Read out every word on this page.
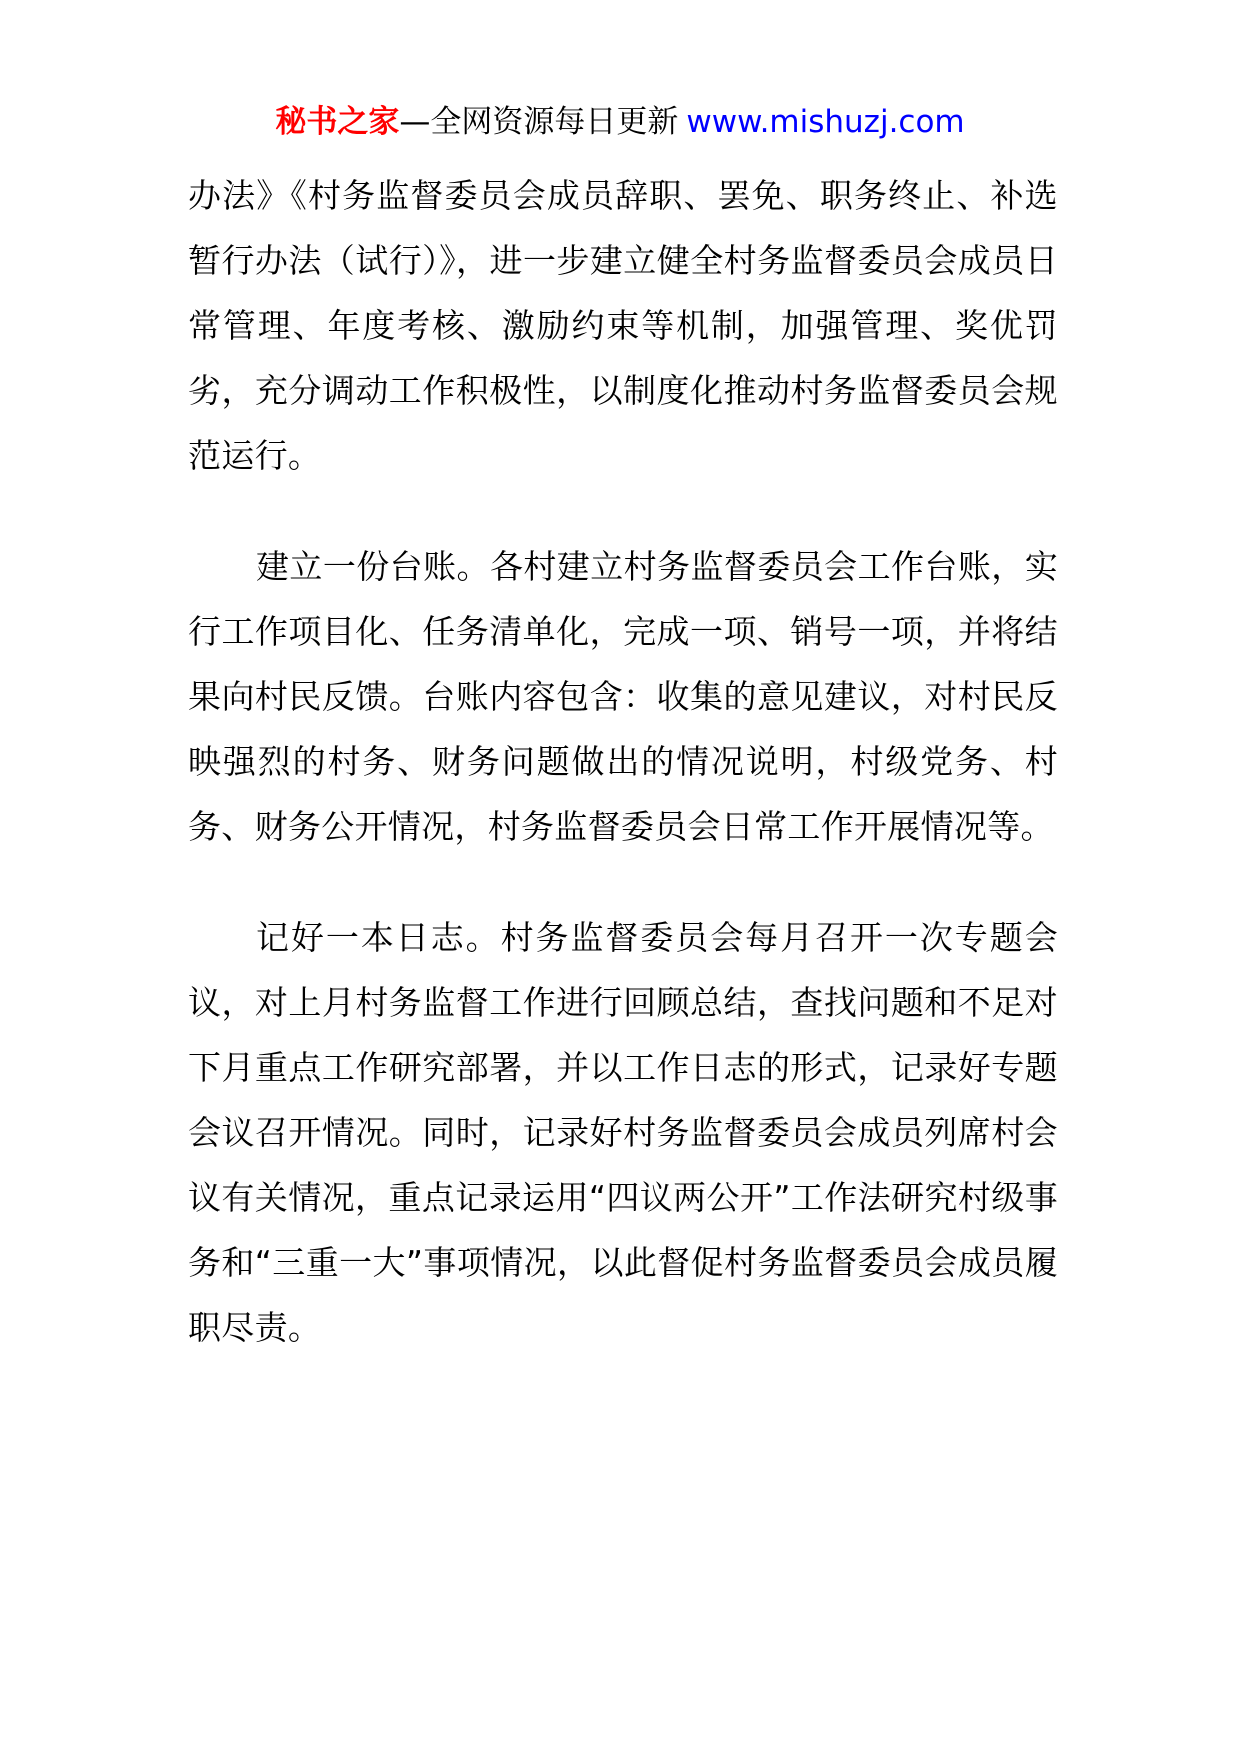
秘书之家—全网资源每日更新 www.mishuzj.com

办法》《村务监督委员会成员辞职、罢免、职务终止、补选暂行办法（试行）》，进一步建立健全村务监督委员会成员日常管理、年度考核、激励约束等机制，加强管理、奖优罚劣，充分调动工作积极性，以制度化推动村务监督委员会规范运行。

建立一份台账。各村建立村务监督委员会工作台账，实行工作项目化、任务清单化，完成一项、销号一项，并将结果向村民反馈。台账内容包含：收集的意见建议，对村民反映强烈的村务、财务问题做出的情况说明，村级党务、村务、财务公开情况，村务监督委员会日常工作开展情况等。

记好一本日志。村务监督委员会每月召开一次专题会议，对上月村务监督工作进行回顾总结，查找问题和不足对下月重点工作研究部署，并以工作日志的形式，记录好专题会议召开情况。同时，记录好村务监督委员会成员列席村会议有关情况，重点记录运用“四议两公开”工作法研究村级事务和“三重一大”事项情况，以此督促村务监督委员会成员履职尽责。
